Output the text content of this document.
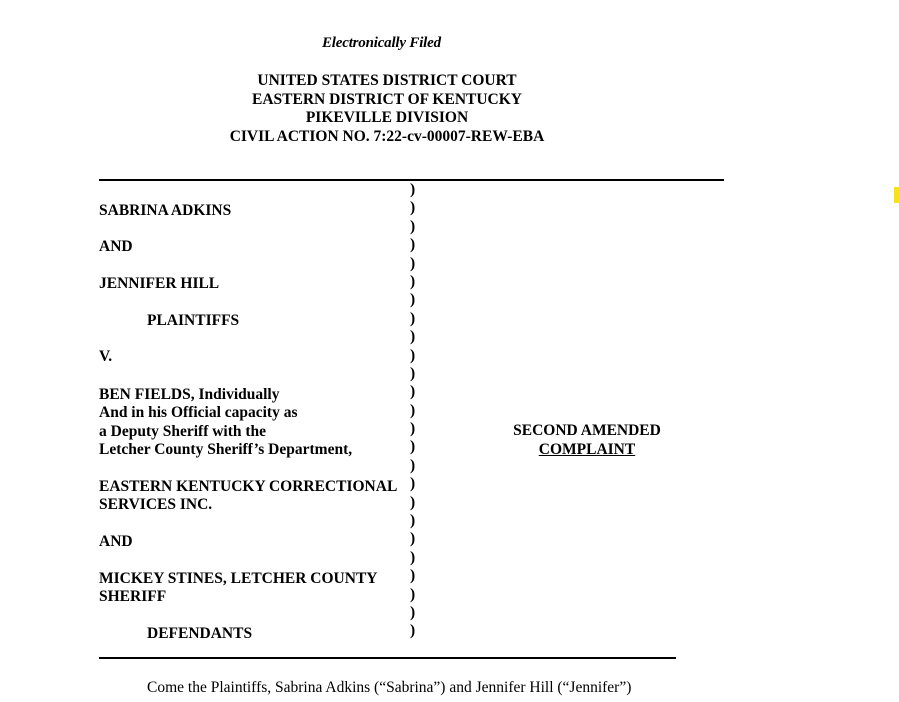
Electronically Filed
UNITED STATES DISTRICT COURT
EASTERN DISTRICT OF KENTUCKY
PIKEVILLE DIVISION
CIVIL ACTION NO. 7:22-cv-00007-REW-EBA
SABRINA ADKINS
AND
JENNIFER HILL
PLAINTIFFS
V.
BEN FIELDS, Individually
And in his Official capacity as
a Deputy Sheriff with the
Letcher County Sheriff’s Department,
EASTERN KENTUCKY CORRECTIONAL
SERVICES INC.
AND
MICKEY STINES, LETCHER COUNTY
SHERIFF
DEFENDANTS
)
)
)
)
)
)
)
)
)
)
)
)
)
)
)
)
)
)
)
)
)
)
)
)
)
SECOND AMENDED
COMPLAINT
Come the Plaintiffs, Sabrina Adkins (“Sabrina”) and Jennifer Hill (“Jennifer”)
